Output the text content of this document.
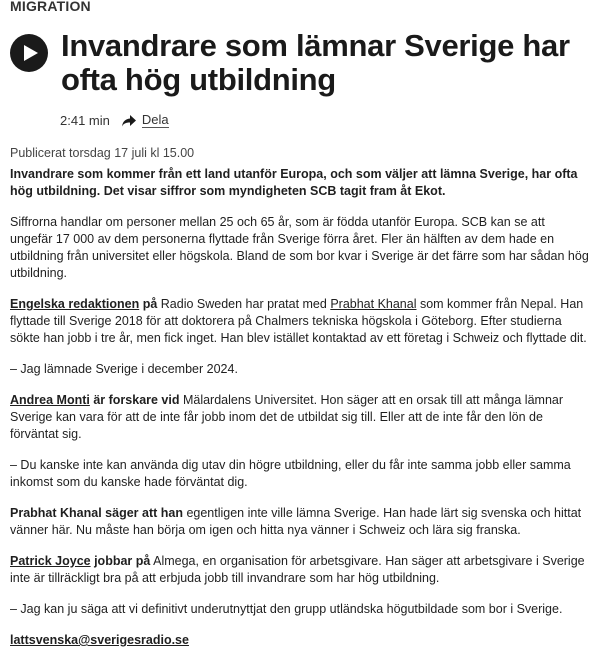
MIGRATION
Invandrare som lämnar Sverige har ofta hög utbildning
2:41 min Dela
Publicerat torsdag 17 juli kl 15.00

Invandrare som kommer från ett land utanför Europa, och som väljer att lämna Sverige, har ofta hög utbildning. Det visar siffror som myndigheten SCB tagit fram åt Ekot.

Siffrorna handlar om personer mellan 25 och 65 år, som är födda utanför Europa. SCB kan se att ungefär 17 000 av dem personerna flyttade från Sverige förra året. Fler än hälften av dem hade en utbildning från universitet eller högskola. Bland de som bor kvar i Sverige är det färre som har sådan hög utbildning.

Engelska redaktionen på Radio Sweden har pratat med Prabhat Khanal som kommer från Nepal. Han flyttade till Sverige 2018 för att doktorera på Chalmers tekniska högskola i Göteborg. Efter studierna sökte han jobb i tre år, men fick inget. Han blev istället kontaktad av ett företag i Schweiz och flyttade dit.

– Jag lämnade Sverige i december 2024.

Andrea Monti är forskare vid Mälardalens Universitet. Hon säger att en orsak till att många lämnar Sverige kan vara för att de inte får jobb inom det de utbildat sig till. Eller att de inte får den lön de förväntat sig.

– Du kanske inte kan använda dig utav din högre utbildning, eller du får inte samma jobb eller samma inkomst som du kanske hade förväntat dig.

Prabhat Khanal säger att han egentligen inte ville lämna Sverige. Han hade lärt sig svenska och hittat vänner här. Nu måste han börja om igen och hitta nya vänner i Schweiz och lära sig franska.

Patrick Joyce jobbar på Almega, en organisation för arbetsgivare. Han säger att arbetsgivare i Sverige inte är tillräckligt bra på att erbjuda jobb till invandrare som har hög utbildning.

– Jag kan ju säga att vi definitivt underutnyttjat den grupp utländska högutbildade som bor i Sverige.

lattsvenska@sverigesradio.se
